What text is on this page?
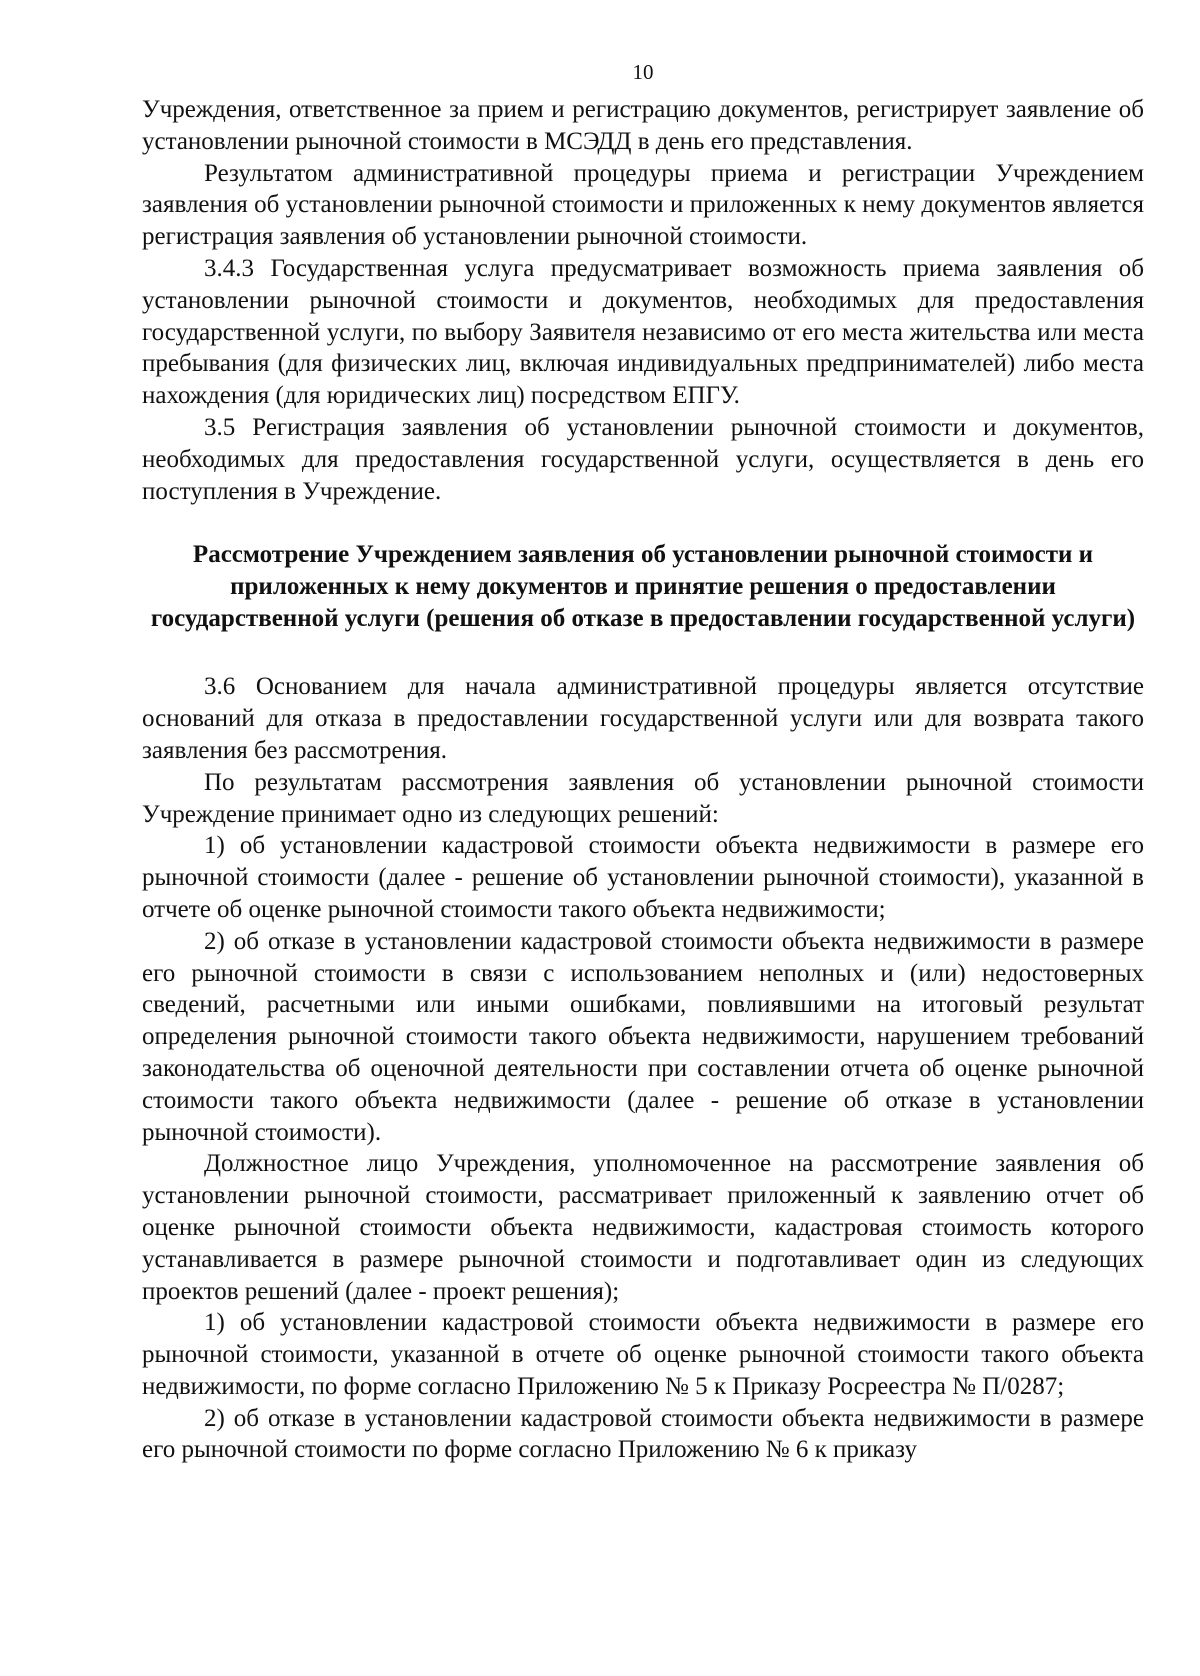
10

Учреждения, ответственное за прием и регистрацию документов, регистрирует заявление об установлении рыночной стоимости в МСЭДД в день его представления.

Результатом административной процедуры приема и регистрации Учреждением заявления об установлении рыночной стоимости и приложенных к нему документов является регистрация заявления об установлении рыночной стоимости.

3.4.3 Государственная услуга предусматривает возможность приема заявления об установлении рыночной стоимости и документов, необходимых для предоставления государственной услуги, по выбору Заявителя независимо от его места жительства или места пребывания (для физических лиц, включая индивидуальных предпринимателей) либо места нахождения (для юридических лиц) посредством ЕПГУ.

3.5 Регистрация заявления об установлении рыночной стоимости и документов, необходимых для предоставления государственной услуги, осуществляется в день его поступления в Учреждение.

Рассмотрение Учреждением заявления об установлении рыночной стоимости и приложенных к нему документов и принятие решения о предоставлении государственной услуги (решения об отказе в предоставлении государственной услуги)

3.6 Основанием для начала административной процедуры является отсутствие оснований для отказа в предоставлении государственной услуги или для возврата такого заявления без рассмотрения.

По результатам рассмотрения заявления об установлении рыночной стоимости Учреждение принимает одно из следующих решений:

1) об установлении кадастровой стоимости объекта недвижимости в размере его рыночной стоимости (далее - решение об установлении рыночной стоимости), указанной в отчете об оценке рыночной стоимости такого объекта недвижимости;

2) об отказе в установлении кадастровой стоимости объекта недвижимости в размере его рыночной стоимости в связи с использованием неполных и (или) недостоверных сведений, расчетными или иными ошибками, повлиявшими на итоговый результат определения рыночной стоимости такого объекта недвижимости, нарушением требований законодательства об оценочной деятельности при составлении отчета об оценке рыночной стоимости такого объекта недвижимости (далее - решение об отказе в установлении рыночной стоимости).

Должностное лицо Учреждения, уполномоченное на рассмотрение заявления об установлении рыночной стоимости, рассматривает приложенный к заявлению отчет об оценке рыночной стоимости объекта недвижимости, кадастровая стоимость которого устанавливается в размере рыночной стоимости и подготавливает один из следующих проектов решений (далее - проект решения);

1) об установлении кадастровой стоимости объекта недвижимости в размере его рыночной стоимости, указанной в отчете об оценке рыночной стоимости такого объекта недвижимости, по форме согласно Приложению № 5 к Приказу Росреестра № П/0287;

2) об отказе в установлении кадастровой стоимости объекта недвижимости в размере его рыночной стоимости по форме согласно Приложению № 6 к приказу
